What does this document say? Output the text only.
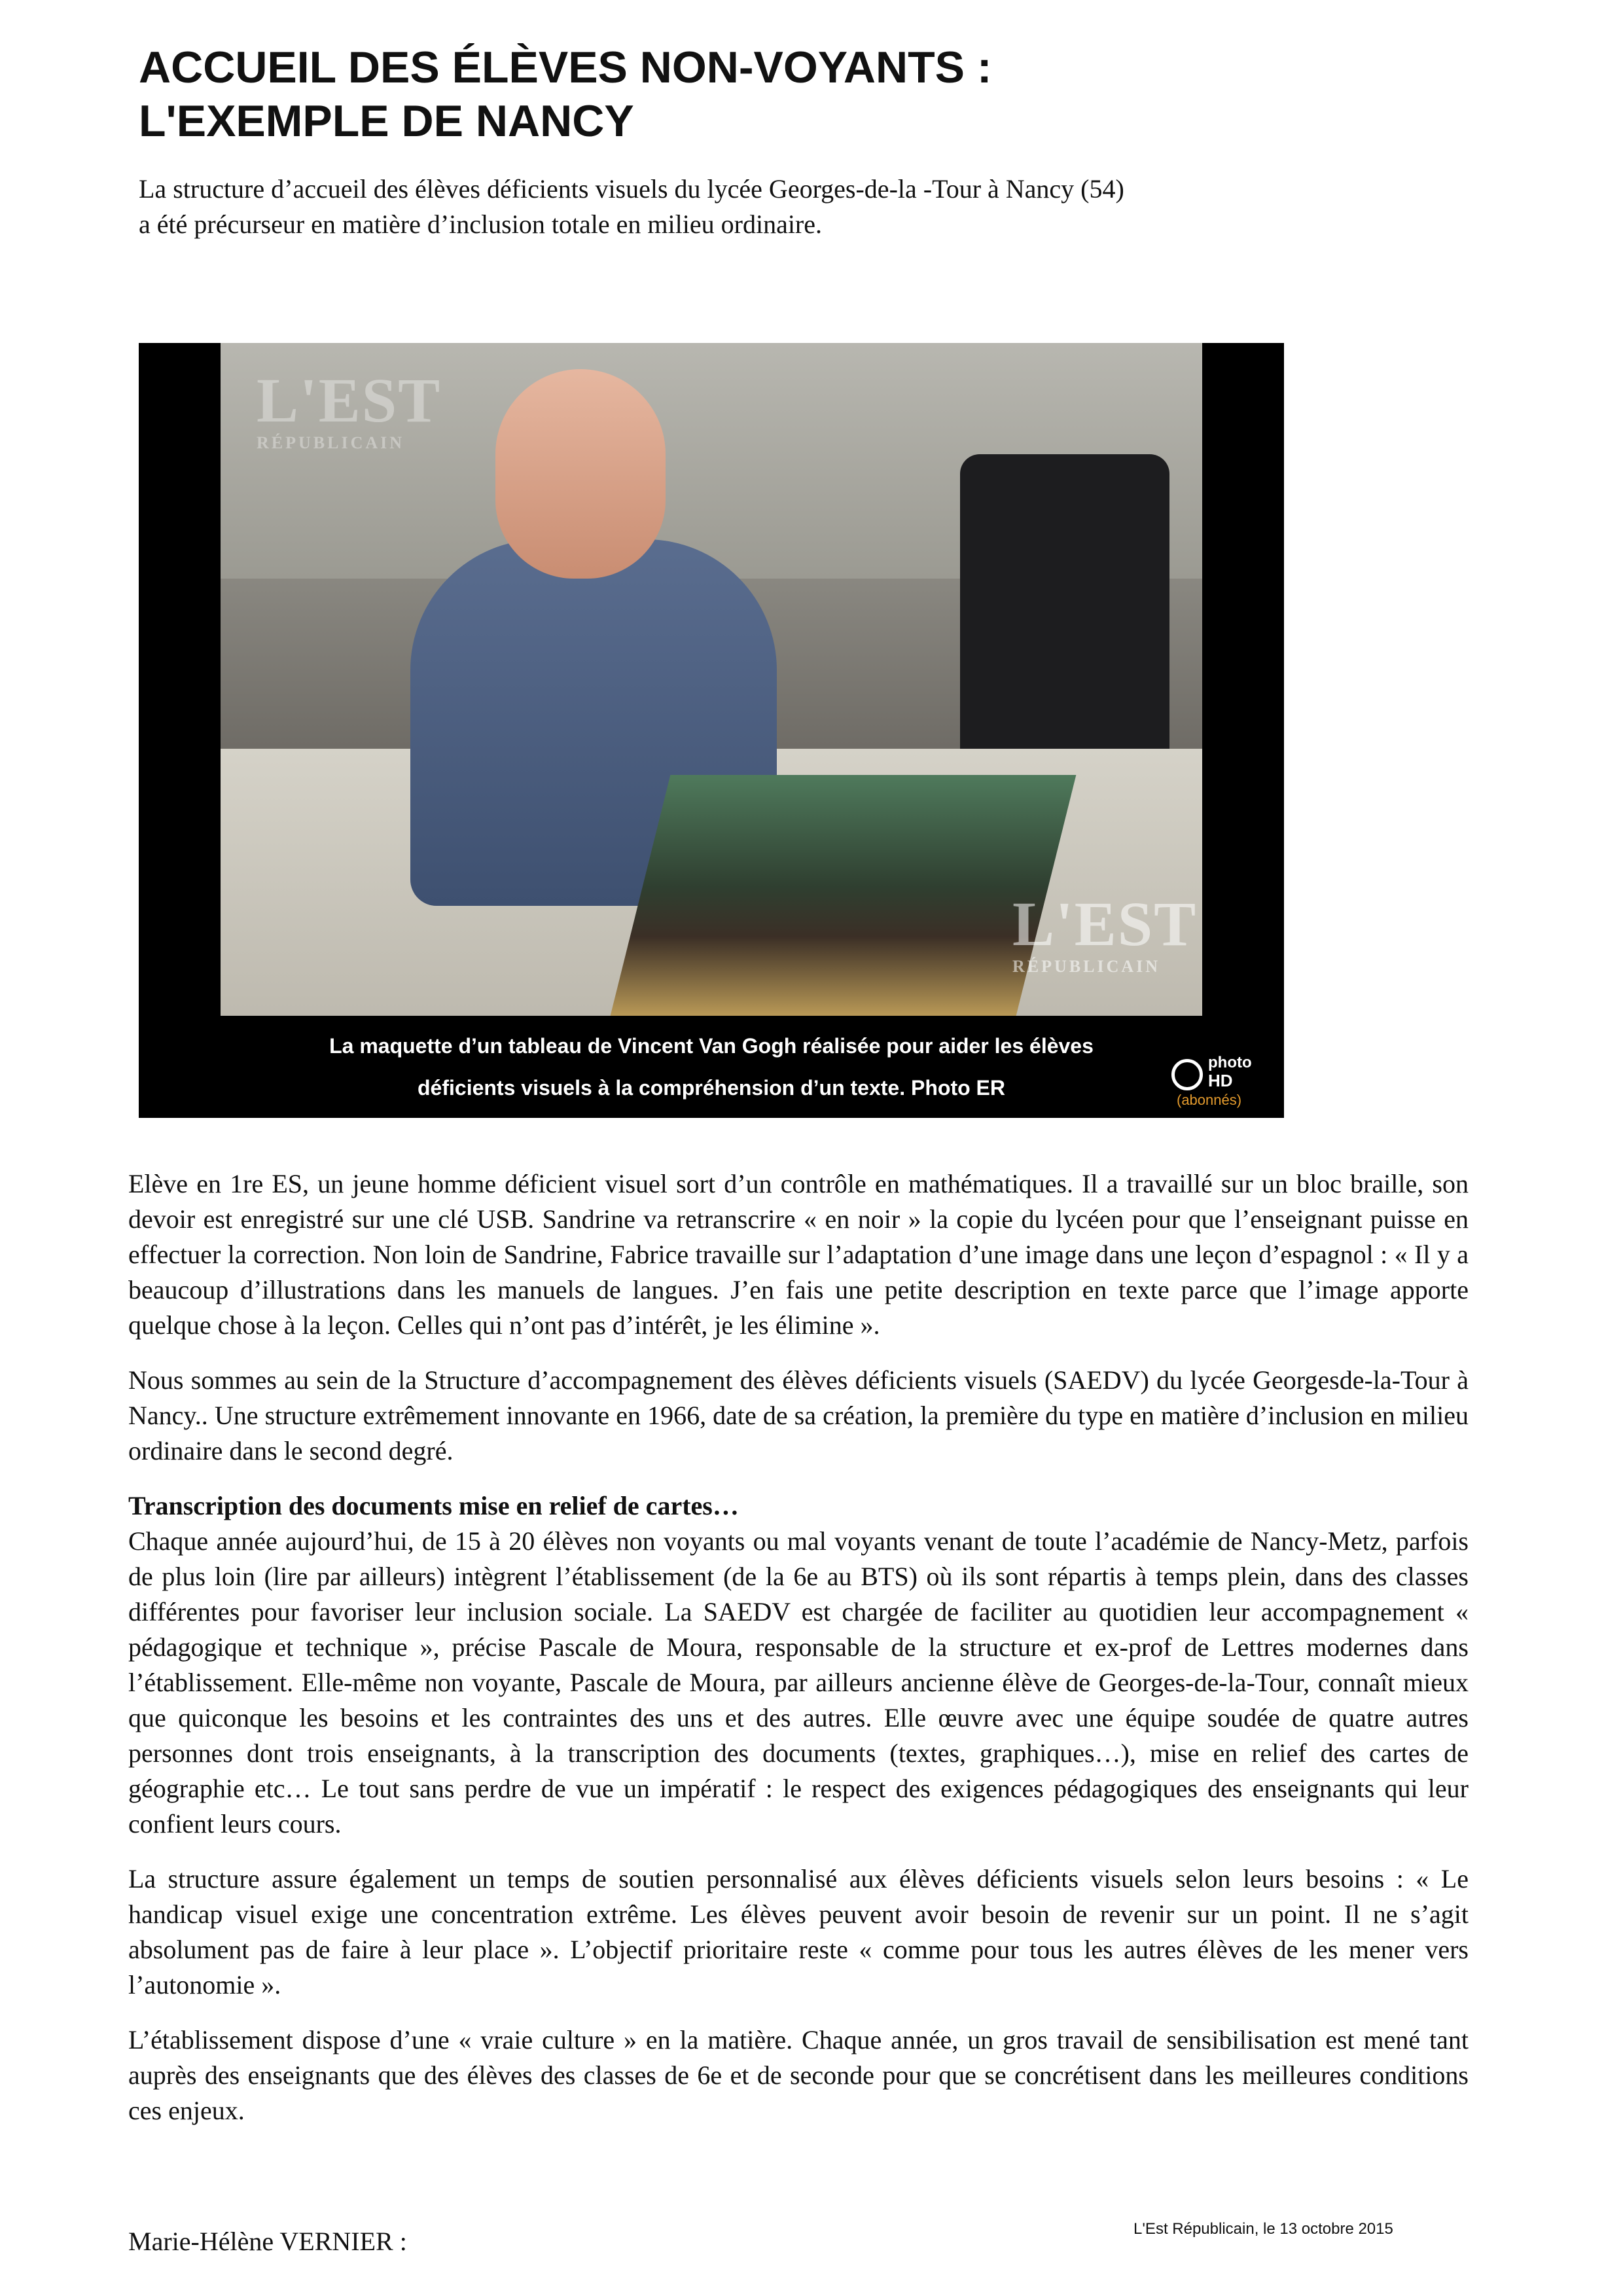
ACCUEIL DES ÉLÈVES NON-VOYANTS :
L'EXEMPLE DE NANCY

La structure d’accueil des élèves déficients visuels du lycée Georges-de-la -Tour à Nancy (54)
a été précurseur en matière d’inclusion totale en milieu ordinaire.

L'EST
RÉPUBLICAIN
L'EST
RÉPUBLICAIN
La maquette d’un tableau de Vincent Van Gogh réalisée pour aider les élèves
déficients visuels à la compréhension d’un texte. Photo ER
photo
HD
(abonnés)

Elève en 1re ES, un jeune homme déficient visuel sort d’un contrôle en mathématiques. Il a travaillé sur un bloc braille, son devoir est enregistré sur une clé USB. Sandrine va retranscrire « en noir » la copie du lycéen pour que l’enseignant puisse en effectuer la correction. Non loin de Sandrine, Fabrice travaille sur l’adaptation d’une image dans une leçon d’espagnol : « Il y a beaucoup d’illustrations dans les manuels de langues. J’en fais une petite description en texte parce que l’image apporte quelque chose à la leçon. Celles qui n’ont pas d’intérêt, je les élimine ».

Nous sommes au sein de la Structure d’accompagnement des élèves déficients visuels (SAEDV) du lycée Georgesde-la-Tour à Nancy.. Une structure extrêmement innovante en 1966, date de sa création, la première du type en matière d’inclusion en milieu ordinaire dans le second degré.

Transcription des documents mise en relief de cartes…

Chaque année aujourd’hui, de 15 à 20 élèves non voyants ou mal voyants venant de toute l’académie de Nancy-Metz, parfois de plus loin (lire par ailleurs) intègrent l’établissement (de la 6e au BTS) où ils sont répartis à temps plein, dans des classes différentes pour favoriser leur inclusion sociale. La SAEDV est chargée de faciliter au quotidien leur accompagnement « pédagogique et technique », précise Pascale de Moura, responsable de la structure et ex-prof de Lettres modernes dans l’établissement. Elle-même non voyante, Pascale de Moura, par ailleurs ancienne élève de Georges-de-la-Tour, connaît mieux que quiconque les besoins et les contraintes des uns et des autres. Elle œuvre avec une équipe soudée de quatre autres personnes dont trois enseignants, à la transcription des documents (textes, graphiques…), mise en relief des cartes de géographie etc… Le tout sans perdre de vue un impératif : le respect des exigences pédagogiques des enseignants qui leur confient leurs cours.

La structure assure également un temps de soutien personnalisé aux élèves déficients visuels selon leurs besoins : « Le handicap visuel exige une concentration extrême. Les élèves peuvent avoir besoin de revenir sur un point. Il ne s’agit absolument pas de faire à leur place ». L’objectif prioritaire reste « comme pour tous les autres élèves de les mener vers l’autonomie ».

L’établissement dispose d’une « vraie culture » en la matière. Chaque année, un gros travail de sensibilisation est mené tant auprès des enseignants que des élèves des classes de 6e et de seconde pour que se concrétisent dans les meilleures conditions ces enjeux.

Marie-Hélène VERNIER :	L'Est Républicain, le 13 octobre 2015
